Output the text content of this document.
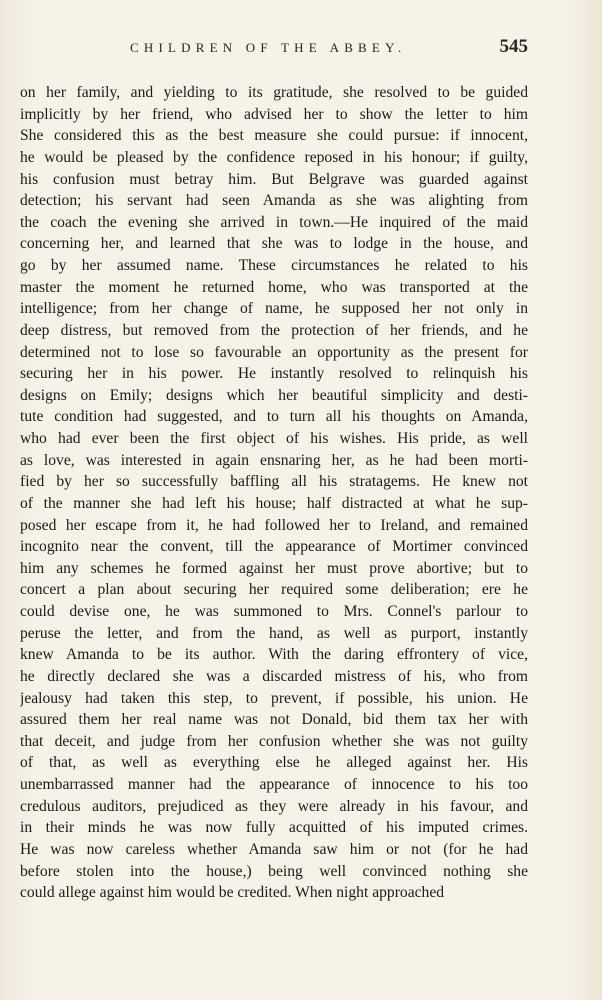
CHILDREN OF THE ABBEY.	545
on her family, and yielding to its gratitude, she resolved to be guided
implicitly by her friend, who advised her to show the letter to him
She considered this as the best measure she could pursue: if innocent,
he would be pleased by the confidence reposed in his honour; if guilty,
his confusion must betray him. But Belgrave was guarded against
detection; his servant had seen Amanda as she was alighting from
the coach the evening she arrived in town.—He inquired of the maid
concerning her, and learned that she was to lodge in the house, and
go by her assumed name. These circumstances he related to his
master the moment he returned home, who was transported at the
intelligence; from her change of name, he supposed her not only in
deep distress, but removed from the protection of her friends, and he
determined not to lose so favourable an opportunity as the present for
securing her in his power. He instantly resolved to relinquish his
designs on Emily; designs which her beautiful simplicity and desti-
tute condition had suggested, and to turn all his thoughts on Amanda,
who had ever been the first object of his wishes. His pride, as well
as love, was interested in again ensnaring her, as he had been morti-
fied by her so successfully baffling all his stratagems. He knew not
of the manner she had left his house; half distracted at what he sup-
posed her escape from it, he had followed her to Ireland, and remained
incognito near the convent, till the appearance of Mortimer convinced
him any schemes he formed against her must prove abortive; but to
concert a plan about securing her required some deliberation; ere he
could devise one, he was summoned to Mrs. Connel's parlour to
peruse the letter, and from the hand, as well as purport, instantly
knew Amanda to be its author. With the daring effrontery of vice,
he directly declared she was a discarded mistress of his, who from
jealousy had taken this step, to prevent, if possible, his union. He
assured them her real name was not Donald, bid them tax her with
that deceit, and judge from her confusion whether she was not guilty
of that, as well as everything else he alleged against her. His
unembarrassed manner had the appearance of innocence to his too
credulous auditors, prejudiced as they were already in his favour, and
in their minds he was now fully acquitted of his imputed crimes.
He was now careless whether Amanda saw him or not (for he had
before stolen into the house,) being well convinced nothing she
could allege against him would be credited. When night approached
